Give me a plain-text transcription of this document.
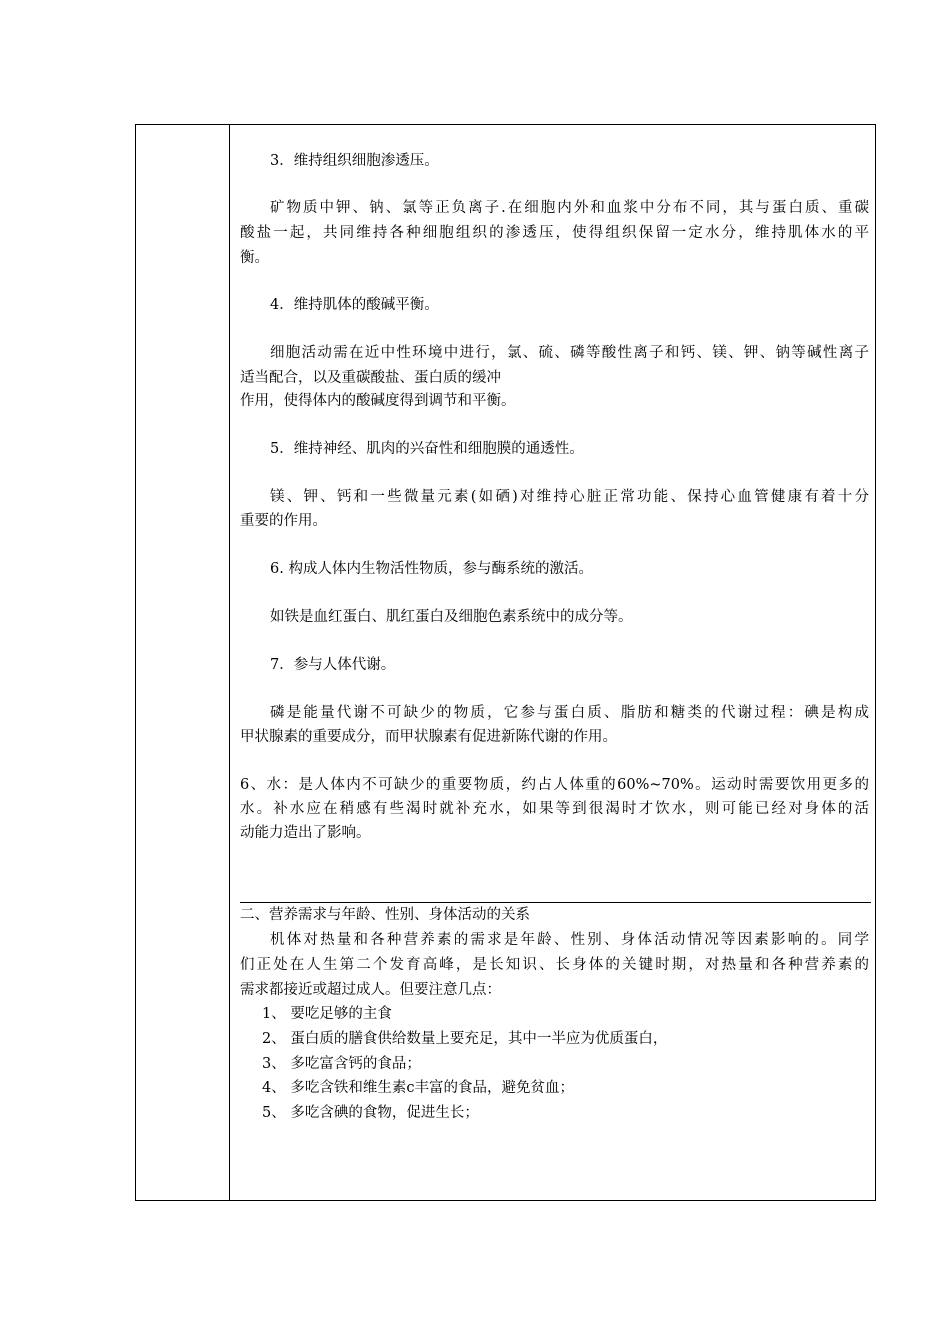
3．维持组织细胞渗透压。
矿物质中钾、钠、氯等正负离子.在细胞内外和血浆中分布不同，其与蛋白质、重碳
酸盐一起，共同维持各种细胞组织的渗透压，使得组织保留一定水分，维持肌体水的平
衡。
4．维持肌体的酸碱平衡。
细胞活动需在近中性环境中进行，氯、硫、磷等酸性离子和钙、镁、钾、钠等碱性离子
适当配合，以及重碳酸盐、蛋白质的缓冲
作用，使得体内的酸碱度得到调节和平衡。
5．维持神经、肌肉的兴奋性和细胞膜的通透性。
镁、钾、钙和一些微量元素(如硒)对维持心脏正常功能、保持心血管健康有着十分
重要的作用。
6. 构成人体内生物活性物质，参与酶系统的激活。
如铁是血红蛋白、肌红蛋白及细胞色素系统中的成分等。
7．参与人体代谢。
磷是能量代谢不可缺少的物质，它参与蛋白质、脂肪和糖类的代谢过程：碘是构成
甲状腺素的重要成分，而甲状腺素有促进新陈代谢的作用。
6、水：是人体内不可缺少的重要物质，约占人体重的60%~70%。运动时需要饮用更多的
水。补水应在稍感有些渴时就补充水，如果等到很渴时才饮水，则可能已经对身体的活
动能力造出了影响。
二、营养需求与年龄、性别、身体活动的关系
机体对热量和各种营养素的需求是年龄、性别、身体活动情况等因素影响的。同学
们正处在人生第二个发育高峰，是长知识、长身体的关键时期，对热量和各种营养素的
需求都接近或超过成人。但要注意几点：
1、 要吃足够的主食
2、 蛋白质的膳食供给数量上要充足，其中一半应为优质蛋白，
3、 多吃富含钙的食品；
4、 多吃含铁和维生素c丰富的食品，避免贫血；
5、 多吃含碘的食物，促进生长；
